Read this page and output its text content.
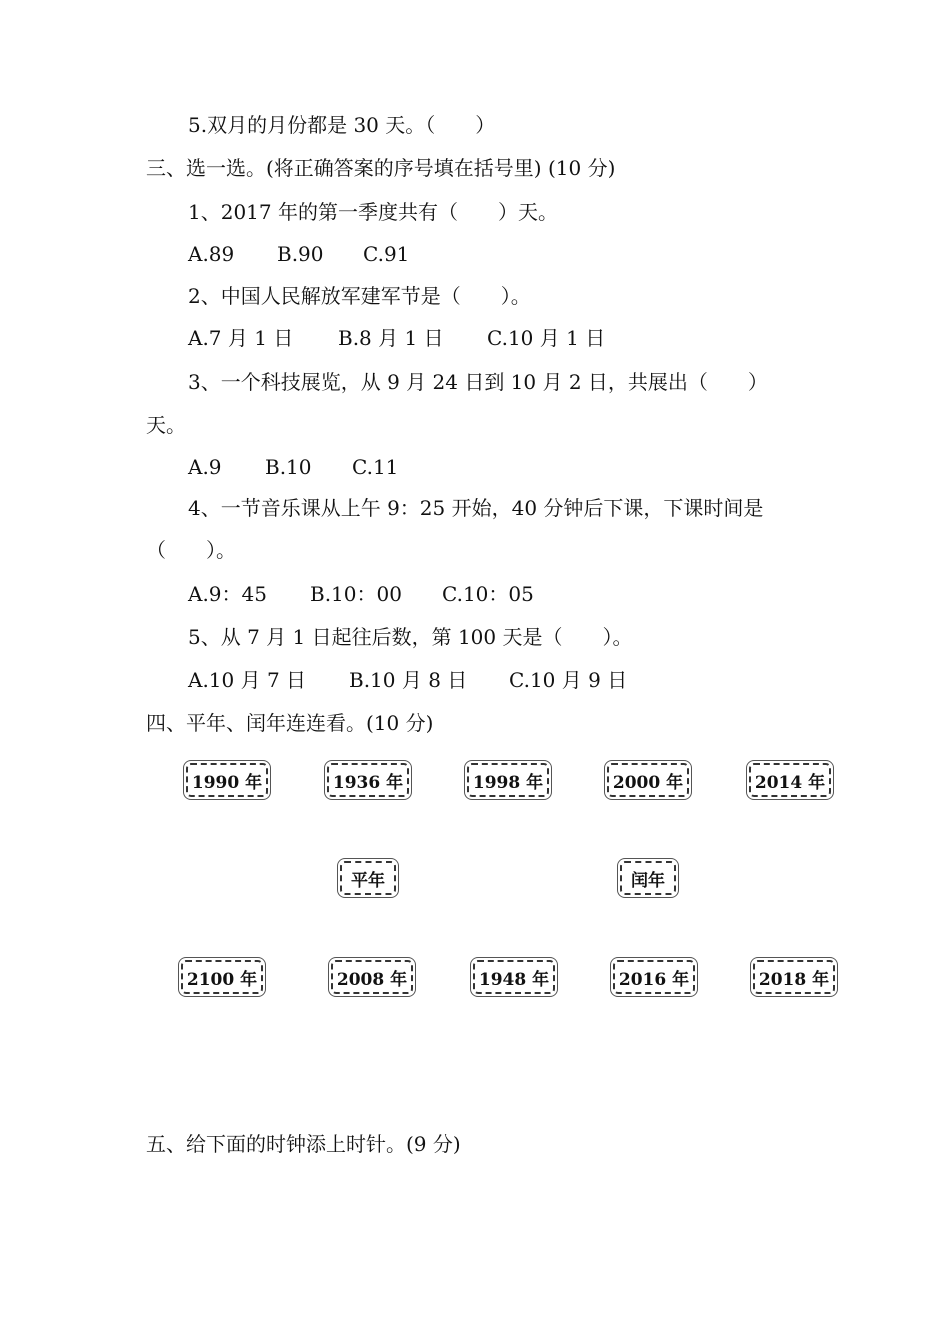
5.双月的月份都是 30 天。（　　）
三、选一选。(将正确答案的序号填在括号里) (10 分)
1、2017 年的第一季度共有（　　）天。
A.89 B.90 C.91
2、中国人民解放军建军节是（　　）。
A.7 月 1 日 B.8 月 1 日 C.10 月 1 日
3、一个科技展览，从 9 月 24 日到 10 月 2 日，共展出（　　）
天。
A.9 B.10 C.11
4、一节音乐课从上午 9：25 开始，40 分钟后下课，下课时间是
（　　）。
A.9：45 B.10：00 C.10：05
5、从 7 月 1 日起往后数，第 100 天是（　　）。
A.10 月 7 日 B.10 月 8 日 C.10 月 9 日
四、平年、闰年连连看。(10 分)
1990 年	1936 年	1998 年	2000 年	2014 年
平年	闰年
2100 年	2008 年	1948 年	2016 年	2018 年
五、给下面的时钟添上时针。(9 分)
